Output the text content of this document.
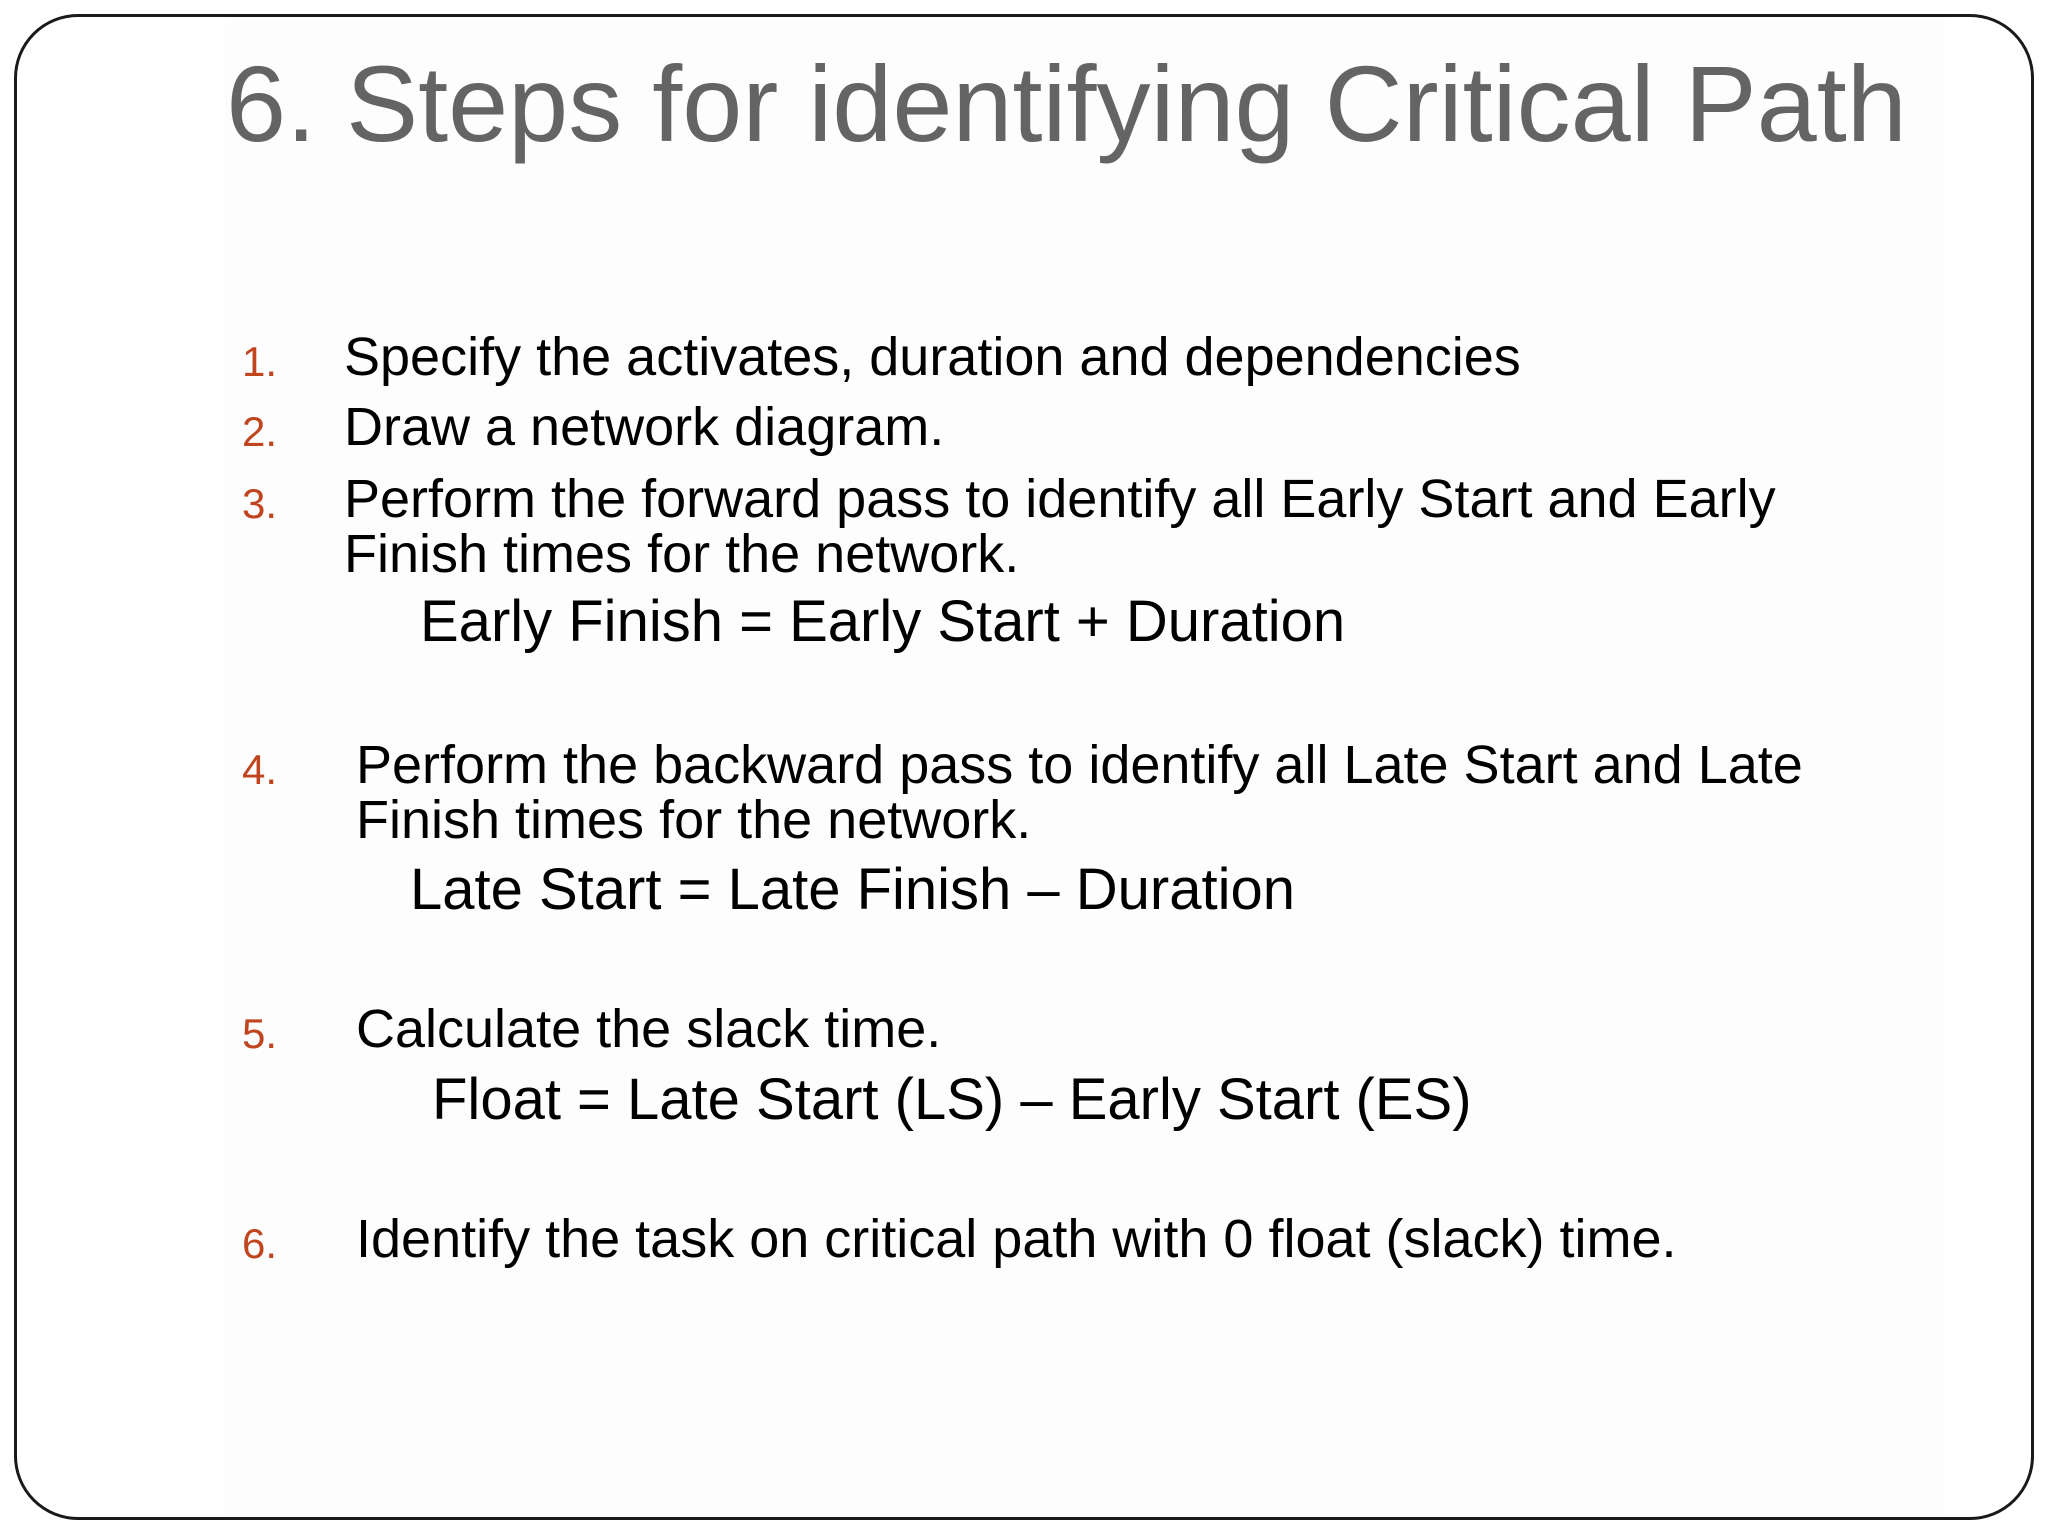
6. Steps for identifying Critical Path
1. Specify the activates, duration and dependencies
2. Draw a network diagram.
3. Perform the forward pass to identify all Early Start and Early
Finish times for the network.
Early Finish = Early Start + Duration
4. Perform the backward pass to identify all Late Start and Late
Finish times for the network.
Late Start = Late Finish – Duration
5. Calculate the slack time.
Float = Late Start (LS) – Early Start (ES)
6. Identify the task on critical path with 0 float (slack) time.
